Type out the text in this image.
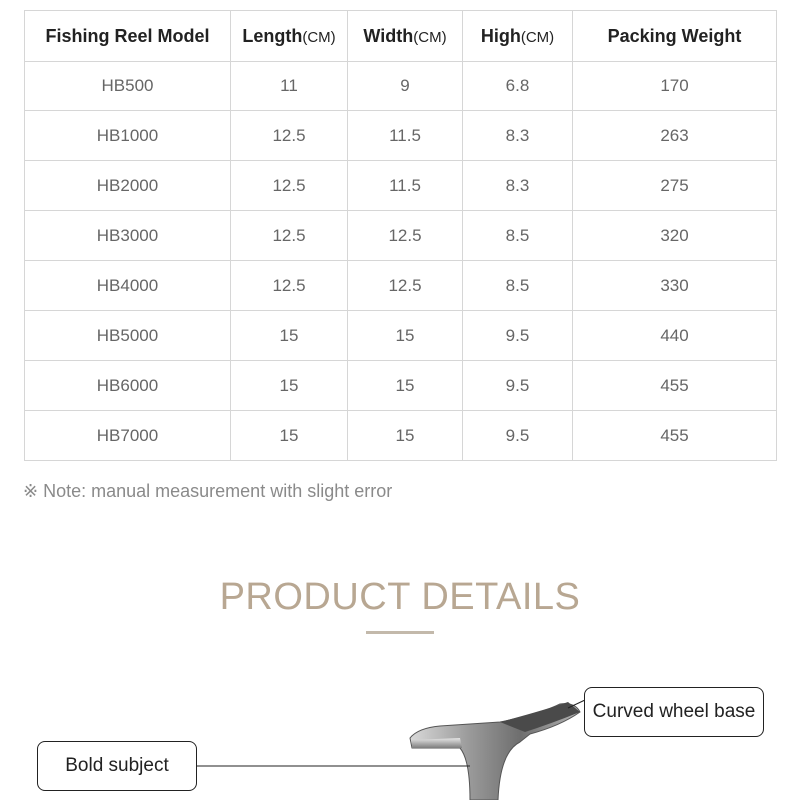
Fishing Reel Model	Length(CM)	Width(CM)	High(CM)	Packing Weight
HB500	11	9	6.8	170
HB1000	12.5	11.5	8.3	263
HB2000	12.5	11.5	8.3	275
HB3000	12.5	12.5	8.5	320
HB4000	12.5	12.5	8.5	330
HB5000	15	15	9.5	440
HB6000	15	15	9.5	455
HB7000	15	15	9.5	455
※ Note: manual measurement with slight error
PRODUCT DETAILS
Curved wheel base
Bold subject
